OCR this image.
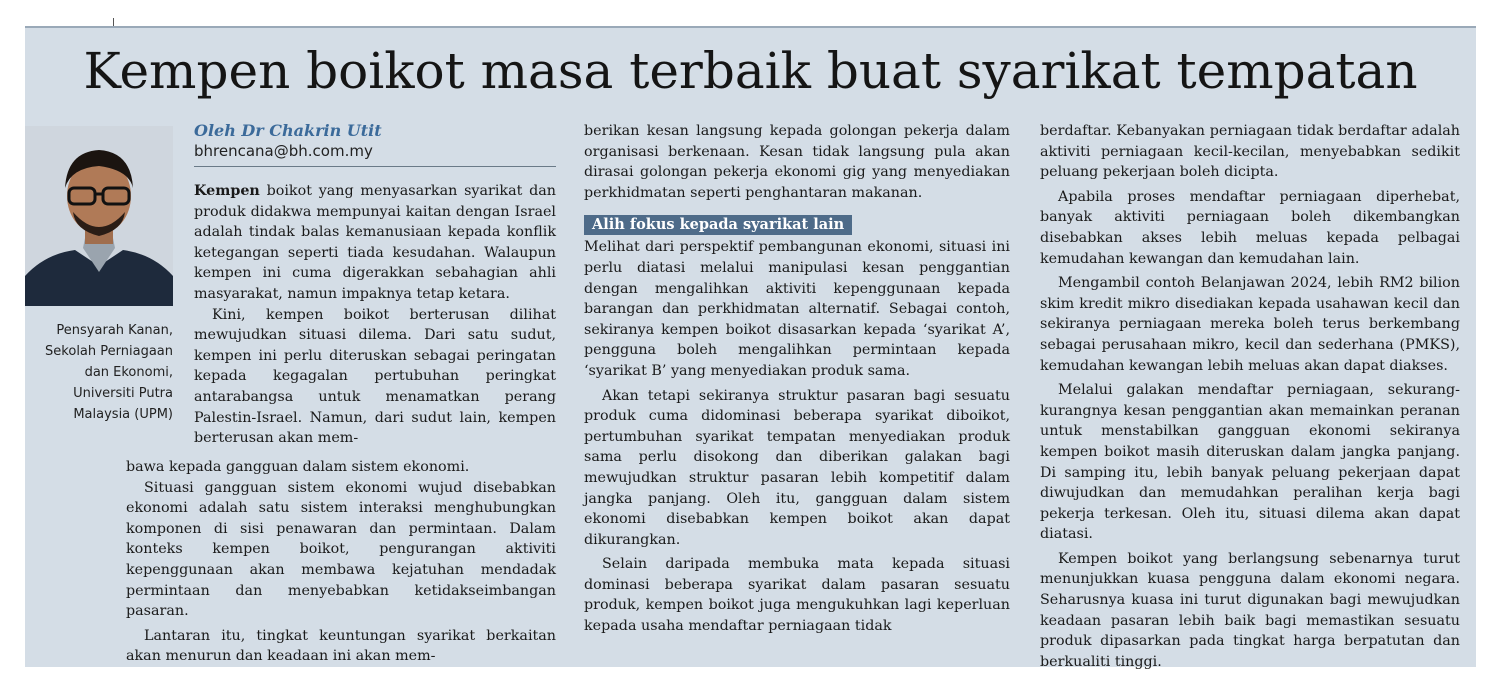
Kempen boikot masa terbaik buat syarikat tempatan
Pensyarah Kanan, Sekolah Perniagaan dan Ekonomi, Universiti Putra Malaysia (UPM)
Oleh Dr Chakrin Utit
bhrencana@bh.com.my

Kempen boikot yang menyasarkan syarikat dan produk didakwa mempunyai kaitan dengan Israel adalah tindak balas kemanusiaan kepada konflik ketegangan seperti tiada kesudahan. Walaupun kempen ini cuma digerakkan sebahagian ahli masyarakat, namun impaknya tetap ketara.

Kini, kempen boikot berterusan dilihat mewujudkan situasi dilema. Dari satu sudut, kempen ini perlu diteruskan sebagai peringatan kepada kegagalan pertubuhan peringkat antarabangsa untuk menamatkan perang Palestin-Israel. Namun, dari sudut lain, kempen berterusan akan mem-

bawa kepada gangguan dalam sistem ekonomi.

Situasi gangguan sistem ekonomi wujud disebabkan ekonomi adalah satu sistem interaksi menghubungkan komponen di sisi penawaran dan permintaan. Dalam konteks kempen boikot, pengurangan aktiviti kepenggunaan akan membawa kejatuhan mendadak permintaan dan menyebabkan ketidakseimbangan pasaran.

Lantaran itu, tingkat keuntungan syarikat berkaitan akan menurun dan keadaan ini akan mem-

berikan kesan langsung kepada golongan pekerja dalam organisasi berkenaan. Kesan tidak langsung pula akan dirasai golongan pekerja ekonomi gig yang menyediakan perkhidmatan seperti penghantaran makanan.

Alih fokus kepada syarikat lain

Melihat dari perspektif pembangunan ekonomi, situasi ini perlu diatasi melalui manipulasi kesan penggantian dengan mengalihkan aktiviti kepenggunaan kepada barangan dan perkhidmatan alternatif. Sebagai contoh, sekiranya kempen boikot disasarkan kepada ‘syarikat A’, pengguna boleh mengalihkan permintaan kepada ‘syarikat B’ yang menyediakan produk sama.

Akan tetapi sekiranya struktur pasaran bagi sesuatu produk cuma didominasi beberapa syarikat diboikot, pertumbuhan syarikat tempatan menyediakan produk sama perlu disokong dan diberikan galakan bagi mewujudkan struktur pasaran lebih kompetitif dalam jangka panjang. Oleh itu, gangguan dalam sistem ekonomi disebabkan kempen boikot akan dapat dikurangkan.

Selain daripada membuka mata kepada situasi dominasi beberapa syarikat dalam pasaran sesuatu produk, kempen boikot juga mengukuhkan lagi keperluan kepada usaha mendaftar perniagaan tidak

berdaftar. Kebanyakan perniagaan tidak berdaftar adalah aktiviti perniagaan kecil-kecilan, menyebabkan sedikit peluang pekerjaan boleh dicipta.

Apabila proses mendaftar perniagaan diperhebat, banyak aktiviti perniagaan boleh dikembangkan disebabkan akses lebih meluas kepada pelbagai kemudahan kewangan dan kemudahan lain.

Mengambil contoh Belanjawan 2024, lebih RM2 bilion skim kredit mikro disediakan kepada usahawan kecil dan sekiranya perniagaan mereka boleh terus berkembang sebagai perusahaan mikro, kecil dan sederhana (PMKS), kemudahan kewangan lebih meluas akan dapat diakses.

Melalui galakan mendaftar perniagaan, sekurang-kurangnya kesan penggantian akan memainkan peranan untuk menstabilkan gangguan ekonomi sekiranya kempen boikot masih diteruskan dalam jangka panjang. Di samping itu, lebih banyak peluang pekerjaan dapat diwujudkan dan memudahkan peralihan kerja bagi pekerja terkesan. Oleh itu, situasi dilema akan dapat diatasi.

Kempen boikot yang berlangsung sebenarnya turut menunjukkan kuasa pengguna dalam ekonomi negara. Seharusnya kuasa ini turut digunakan bagi mewujudkan keadaan pasaran lebih baik bagi memastikan sesuatu produk dipasarkan pada tingkat harga berpatutan dan berkualiti tinggi.
